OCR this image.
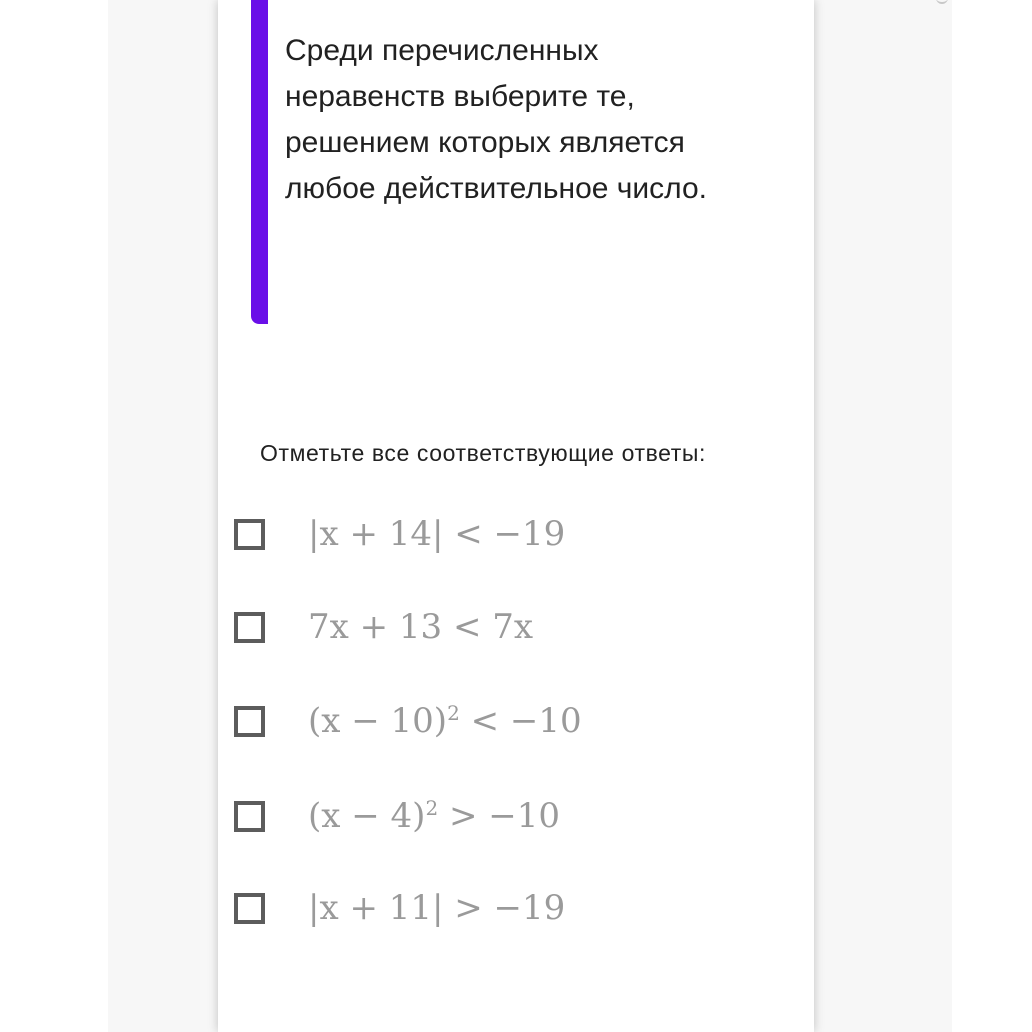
Среди перечисленных неравенств выберите те, решением которых является любое действительное число.

Отметьте все соответствующие ответы:

|x + 14| < −19
7x + 13 < 7x
$(x - 10)^2 < -10$
$(x - 4)^2 > -10$
|x + 11| > −19
